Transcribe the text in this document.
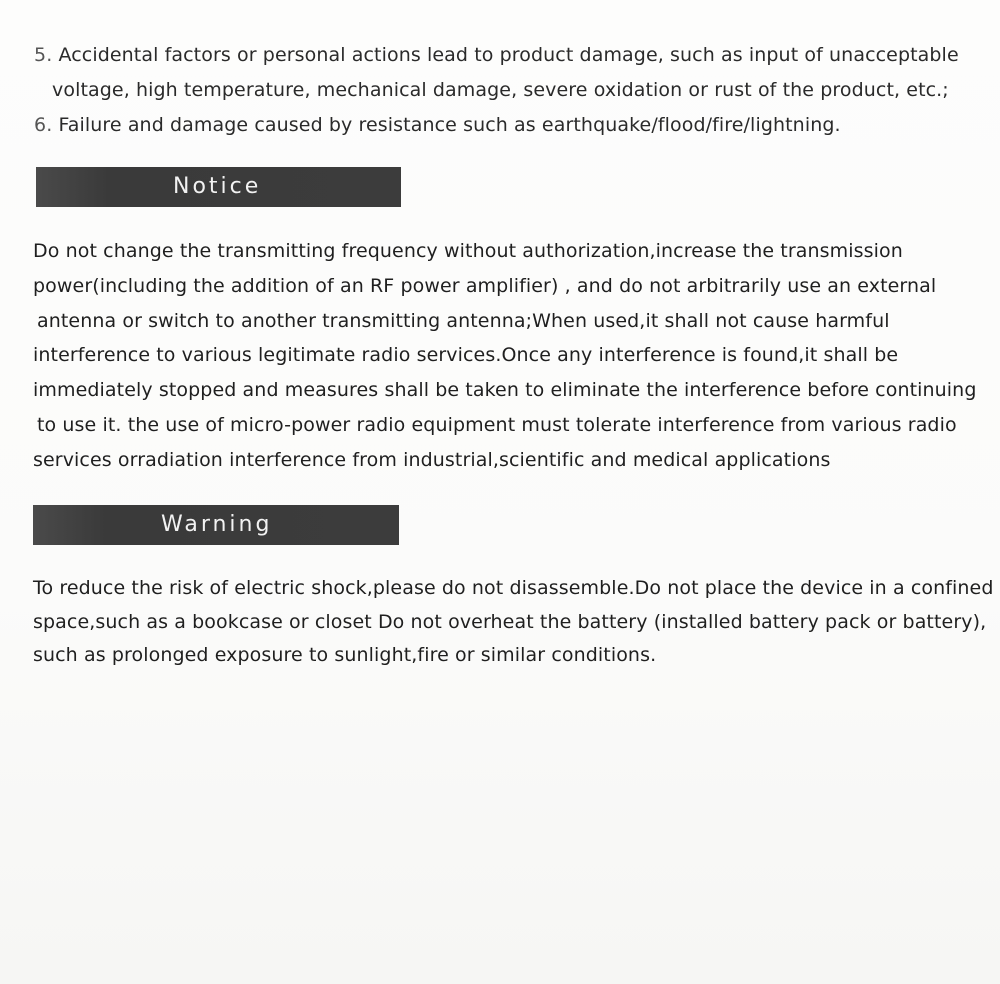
5. Accidental factors or personal actions lead to product damage, such as input of unacceptable
voltage, high temperature, mechanical damage, severe oxidation or rust of the product, etc.;
6. Failure and damage caused by resistance such as earthquake/flood/fire/lightning.
Notice
Do not change the transmitting frequency without authorization,increase the transmission
power(including the addition of an RF power amplifier) , and do not arbitrarily use an external
antenna or switch to another transmitting antenna;When used,it shall not cause harmful
interference to various legitimate radio services.Once any interference is found,it shall be
immediately stopped and measures shall be taken to eliminate the interference before continuing
to use it. the use of micro-power radio equipment must tolerate interference from various radio
services orradiation interference from industrial,scientific and medical applications
Warning
To reduce the risk of electric shock,please do not disassemble.Do not place the device in a confined
space,such as a bookcase or closet Do not overheat the battery (installed battery pack or battery),
such as prolonged exposure to sunlight,fire or similar conditions.
